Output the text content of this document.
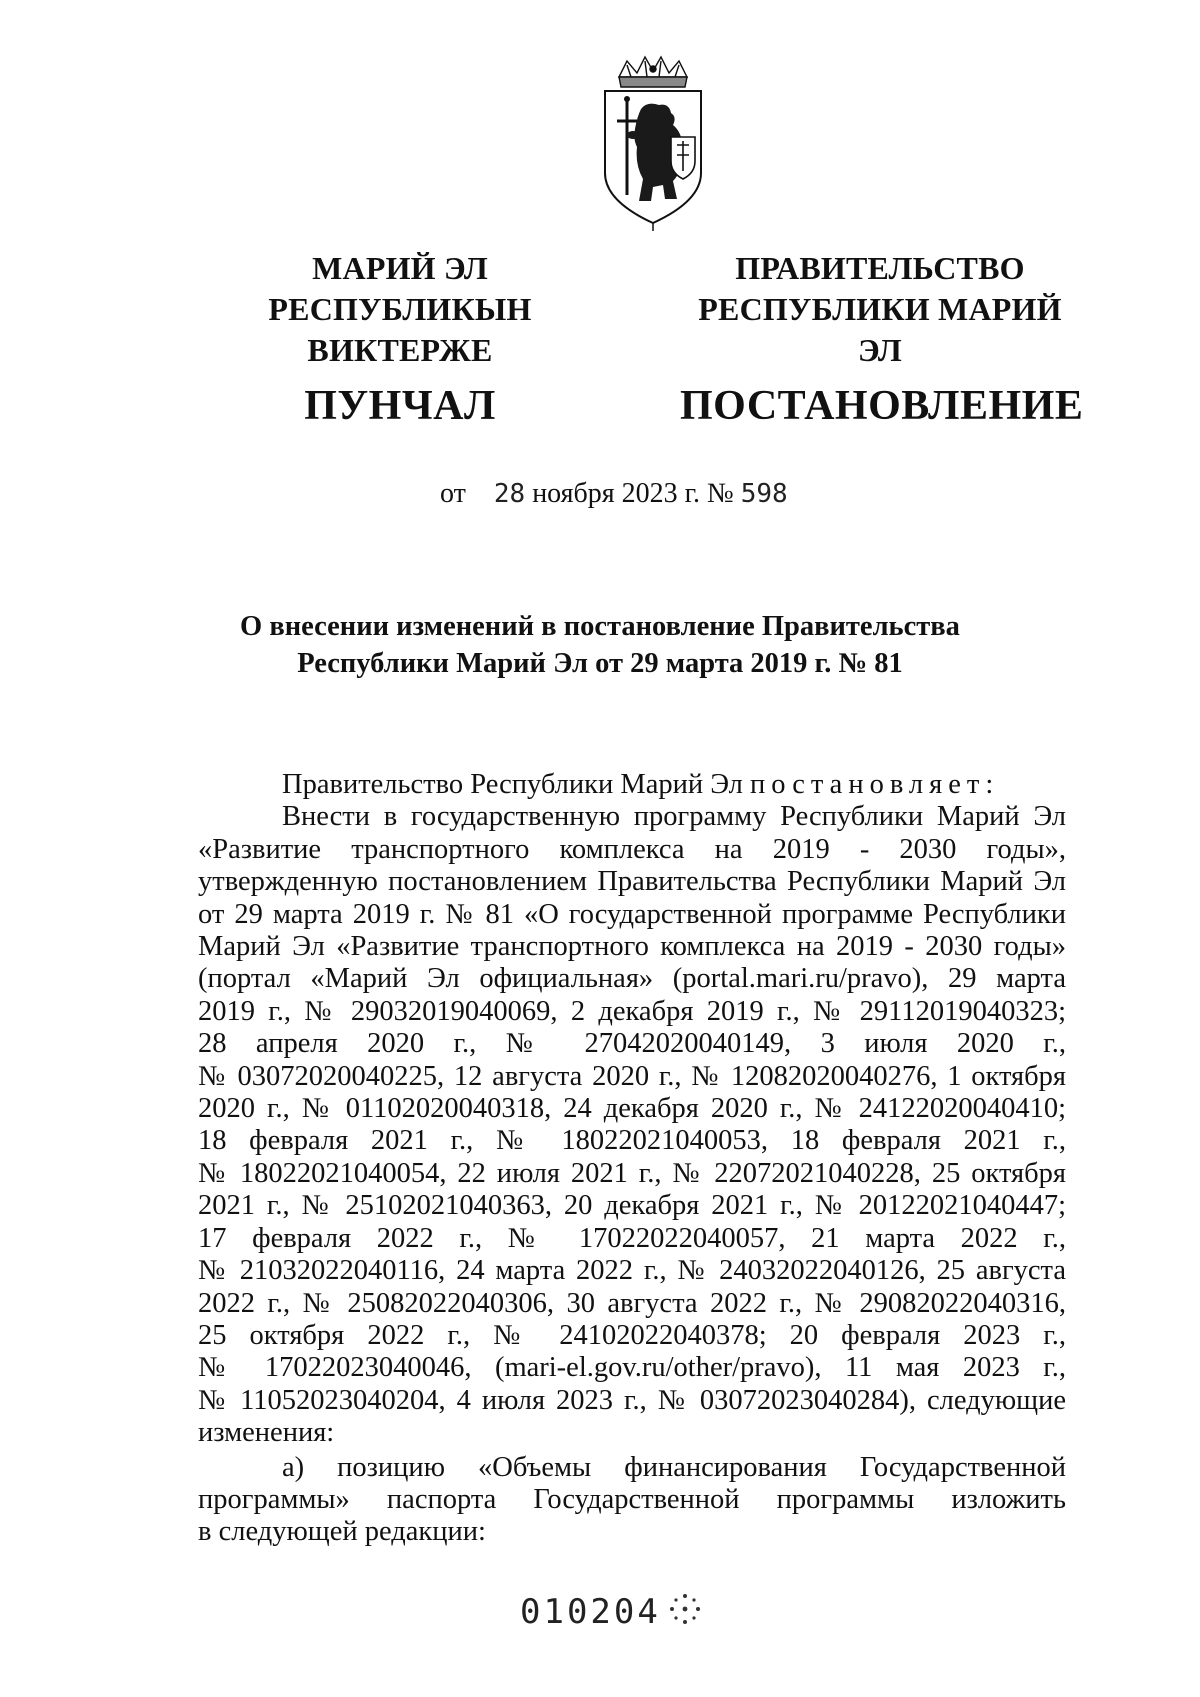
МАРИЙ ЭЛ РЕСПУБЛИКЫН
ВИКТЕРЖЕ
ПУНЧАЛ
ПРАВИТЕЛЬСТВО
РЕСПУБЛИКИ МАРИЙ ЭЛ
ПОСТАНОВЛЕНИЕ
от 28 ноября 2023 г. № 598
О внесении изменений в постановление Правительства
Республики Марий Эл от 29 марта 2019 г. № 81
Правительство Республики Марий Эл постановляет:
Внести в государственную программу Республики Марий Эл
«Развитие транспортного комплекса на 2019 - 2030 годы»,
утвержденную постановлением Правительства Республики Марий Эл
от 29 марта 2019 г. № 81 «О государственной программе Республики
Марий Эл «Развитие транспортного комплекса на 2019 - 2030 годы»
(портал «Марий Эл официальная» (portal.mari.ru/pravo), 29 марта
2019 г., № 29032019040069, 2 декабря 2019 г., № 29112019040323;
28 апреля 2020 г., № 27042020040149, 3 июля 2020 г.,
№ 03072020040225, 12 августа 2020 г., № 12082020040276, 1 октября
2020 г., № 01102020040318, 24 декабря 2020 г., № 24122020040410;
18 февраля 2021 г., № 18022021040053, 18 февраля 2021 г.,
№ 18022021040054, 22 июля 2021 г., № 22072021040228, 25 октября
2021 г., № 25102021040363, 20 декабря 2021 г., № 20122021040447;
17 февраля 2022 г., № 17022022040057, 21 марта 2022 г.,
№ 21032022040116, 24 марта 2022 г., № 24032022040126, 25 августа
2022 г., № 25082022040306, 30 августа 2022 г., № 29082022040316,
25 октября 2022 г., № 24102022040378; 20 февраля 2023 г.,
№ 17022023040046, (mari-el.gov.ru/other/pravo), 11 мая 2023 г.,
№ 11052023040204, 4 июля 2023 г., № 03072023040284), следующие
изменения:
а) позицию «Объемы финансирования Государственной
программы» паспорта Государственной программы изложить
в следующей редакции:
010204
